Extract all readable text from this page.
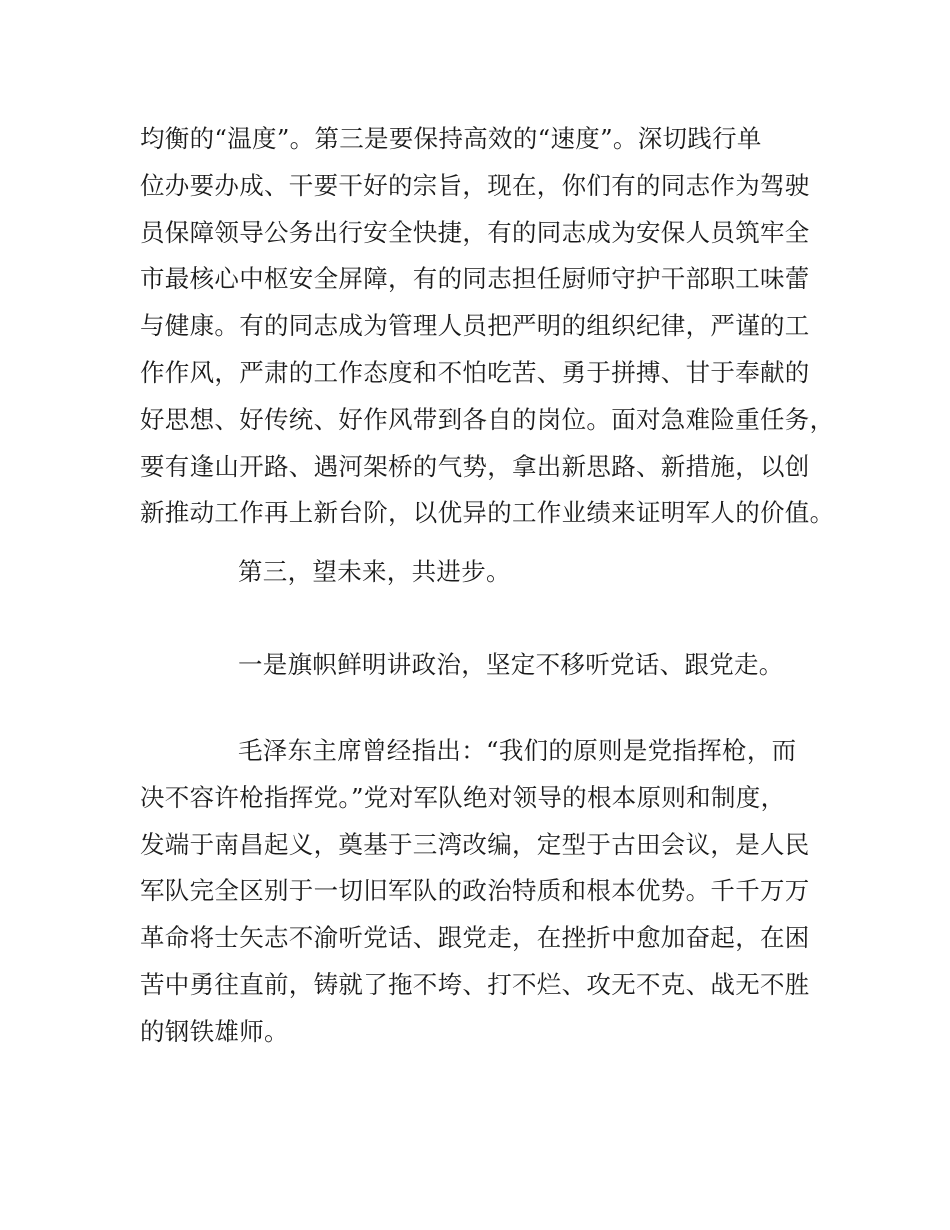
均衡的“温度”。第三是要保持高效的“速度”。深切践行单
位办要办成、干要干好的宗旨，现在，你们有的同志作为驾驶
员保障领导公务出行安全快捷，有的同志成为安保人员筑牢全
市最核心中枢安全屏障，有的同志担任厨师守护干部职工味蕾
与健康。有的同志成为管理人员把严明的组织纪律，严谨的工
作作风，严肃的工作态度和不怕吃苦、勇于拼搏、甘于奉献的
好思想、好传统、好作风带到各自的岗位。面对急难险重任务，
要有逢山开路、遇河架桥的气势，拿出新思路、新措施，以创
新推动工作再上新台阶，以优异的工作业绩来证明军人的价值。
第三，望未来，共进步。
一是旗帜鲜明讲政治，坚定不移听党话、跟党走。
毛泽东主席曾经指出：“我们的原则是党指挥枪，而
决不容许枪指挥党。”党对军队绝对领导的根本原则和制度，
发端于南昌起义，奠基于三湾改编，定型于古田会议，是人民
军队完全区别于一切旧军队的政治特质和根本优势。千千万万
革命将士矢志不渝听党话、跟党走，在挫折中愈加奋起，在困
苦中勇往直前，铸就了拖不垮、打不烂、攻无不克、战无不胜
的钢铁雄师。
